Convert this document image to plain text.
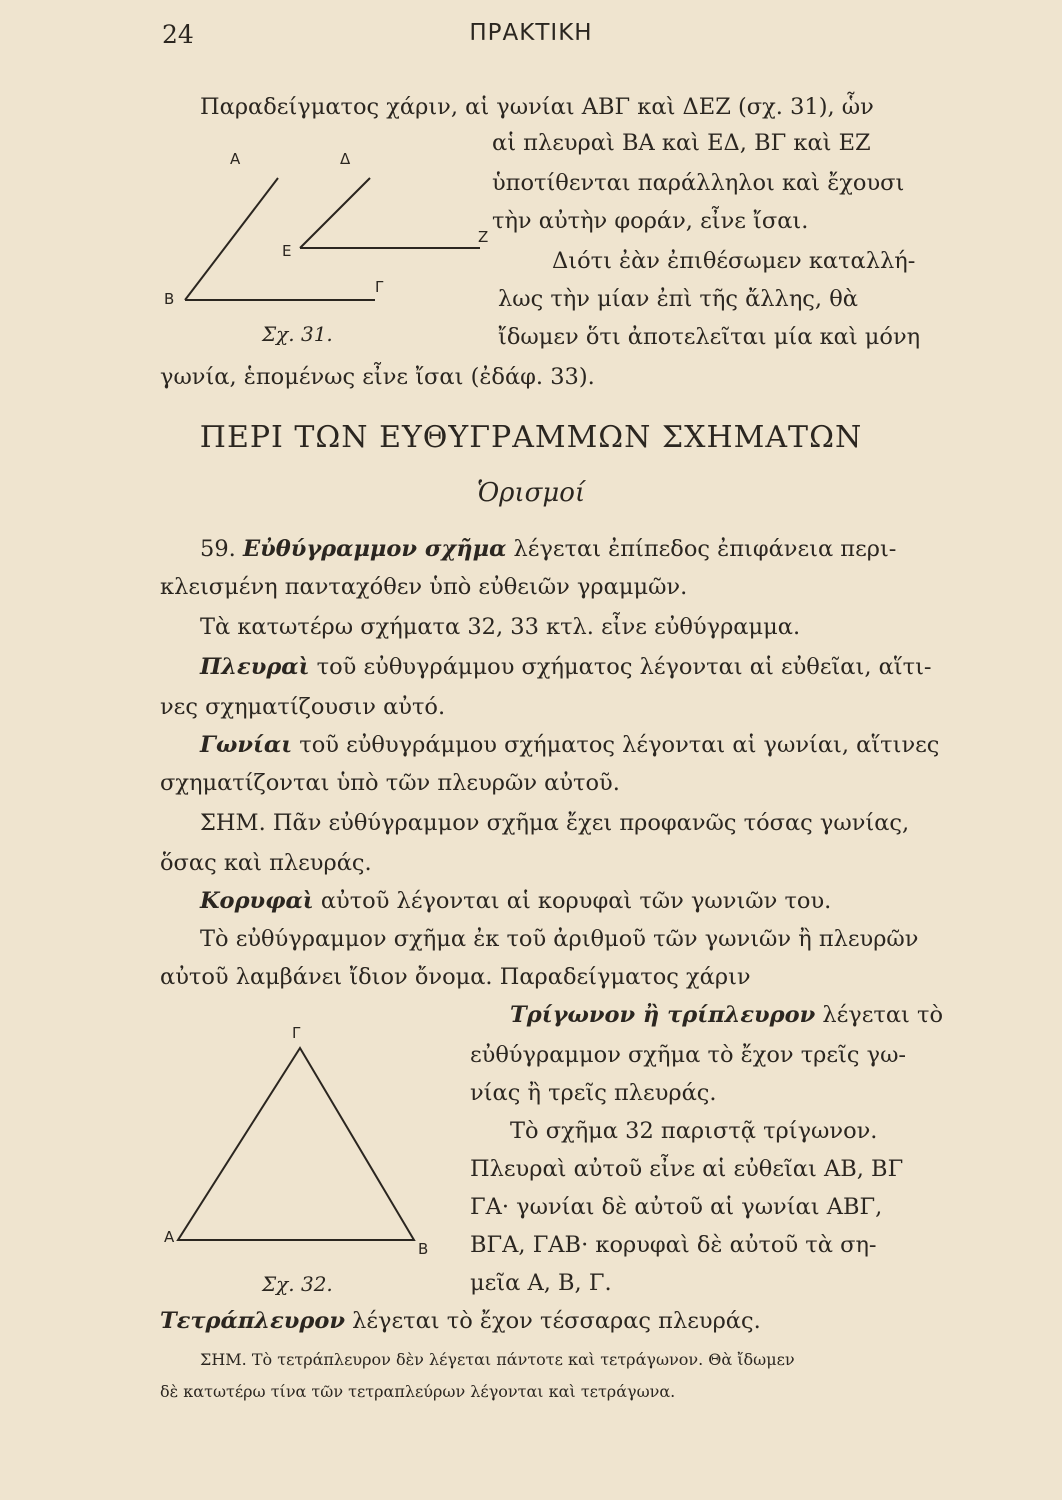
24	ΠΡΑΚΤΙΚΗ
Παραδείγματος χάριν, αἱ γωνίαι ΑΒΓ καὶ ΔΕΖ (σχ. 31), ὧν
αἱ πλευραὶ ΒΑ καὶ ΕΔ, ΒΓ καὶ ΕΖ
ὑποτίθενται παράλληλοι καὶ ἔχουσι
τὴν αὐτὴν φοράν, εἶνε ἴσαι.
Διότι ἐὰν ἐπιθέσωμεν καταλλή-
λως τὴν μίαν ἐπὶ τῆς ἄλλης, θὰ
ἴδωμεν ὅτι ἀποτελεῖται μία καὶ μόνη
γωνία, ἑπομένως εἶνε ἴσαι (ἐδάφ. 33).
Α	Δ
Ε
Ζ
Β
Γ
Σχ. 31.
ΠΕΡΙ ΤΩΝ ΕΥΘΥΓΡΑΜΜΩΝ ΣΧΗΜΑΤΩΝ
Ὁρισμοί
59. Εὐθύγραμμον σχῆμα λέγεται ἐπίπεδος ἐπιφάνεια περι-
κλεισμένη πανταχόθεν ὑπὸ εὐθειῶν γραμμῶν.
Τὰ κατωτέρω σχήματα 32, 33 κτλ. εἶνε εὐθύγραμμα.
Πλευραὶ τοῦ εὐθυγράμμου σχήματος λέγονται αἱ εὐθεῖαι, αἵτι-
νες σχηματίζουσιν αὐτό.
Γωνίαι τοῦ εὐθυγράμμου σχήματος λέγονται αἱ γωνίαι, αἵτινες
σχηματίζονται ὑπὸ τῶν πλευρῶν αὐτοῦ.
ΣΗΜ. Πᾶν εὐθύγραμμον σχῆμα ἔχει προφανῶς τόσας γωνίας,
ὅσας καὶ πλευράς.
Κορυφαὶ αὐτοῦ λέγονται αἱ κορυφαὶ τῶν γωνιῶν του.
Τὸ εὐθύγραμμον σχῆμα ἐκ τοῦ ἀριθμοῦ τῶν γωνιῶν ἢ πλευρῶν
αὐτοῦ λαμβάνει ἴδιον ὄνομα. Παραδείγματος χάριν
Τρίγωνον ἢ τρίπλευρον λέγεται τὸ
εὐθύγραμμον σχῆμα τὸ ἔχον τρεῖς γω-
νίας ἢ τρεῖς πλευράς.
Τὸ σχῆμα 32 παριστᾷ τρίγωνον.
Πλευραὶ αὐτοῦ εἶνε αἱ εὐθεῖαι ΑΒ, ΒΓ
ΓΑ· γωνίαι δὲ αὐτοῦ αἱ γωνίαι ΑΒΓ,
ΒΓΑ, ΓΑΒ· κορυφαὶ δὲ αὐτοῦ τὰ ση-
μεῖα Α, Β, Γ.
Γ
Α
Β
Σχ. 32.
Τετράπλευρον λέγεται τὸ ἔχον τέσσαρας πλευράς.
ΣΗΜ. Τὸ τετράπλευρον δὲν λέγεται πάντοτε καὶ τετράγωνον. Θὰ ἴδωμεν
δὲ κατωτέρω τίνα τῶν τετραπλεύρων λέγονται καὶ τετράγωνα.
